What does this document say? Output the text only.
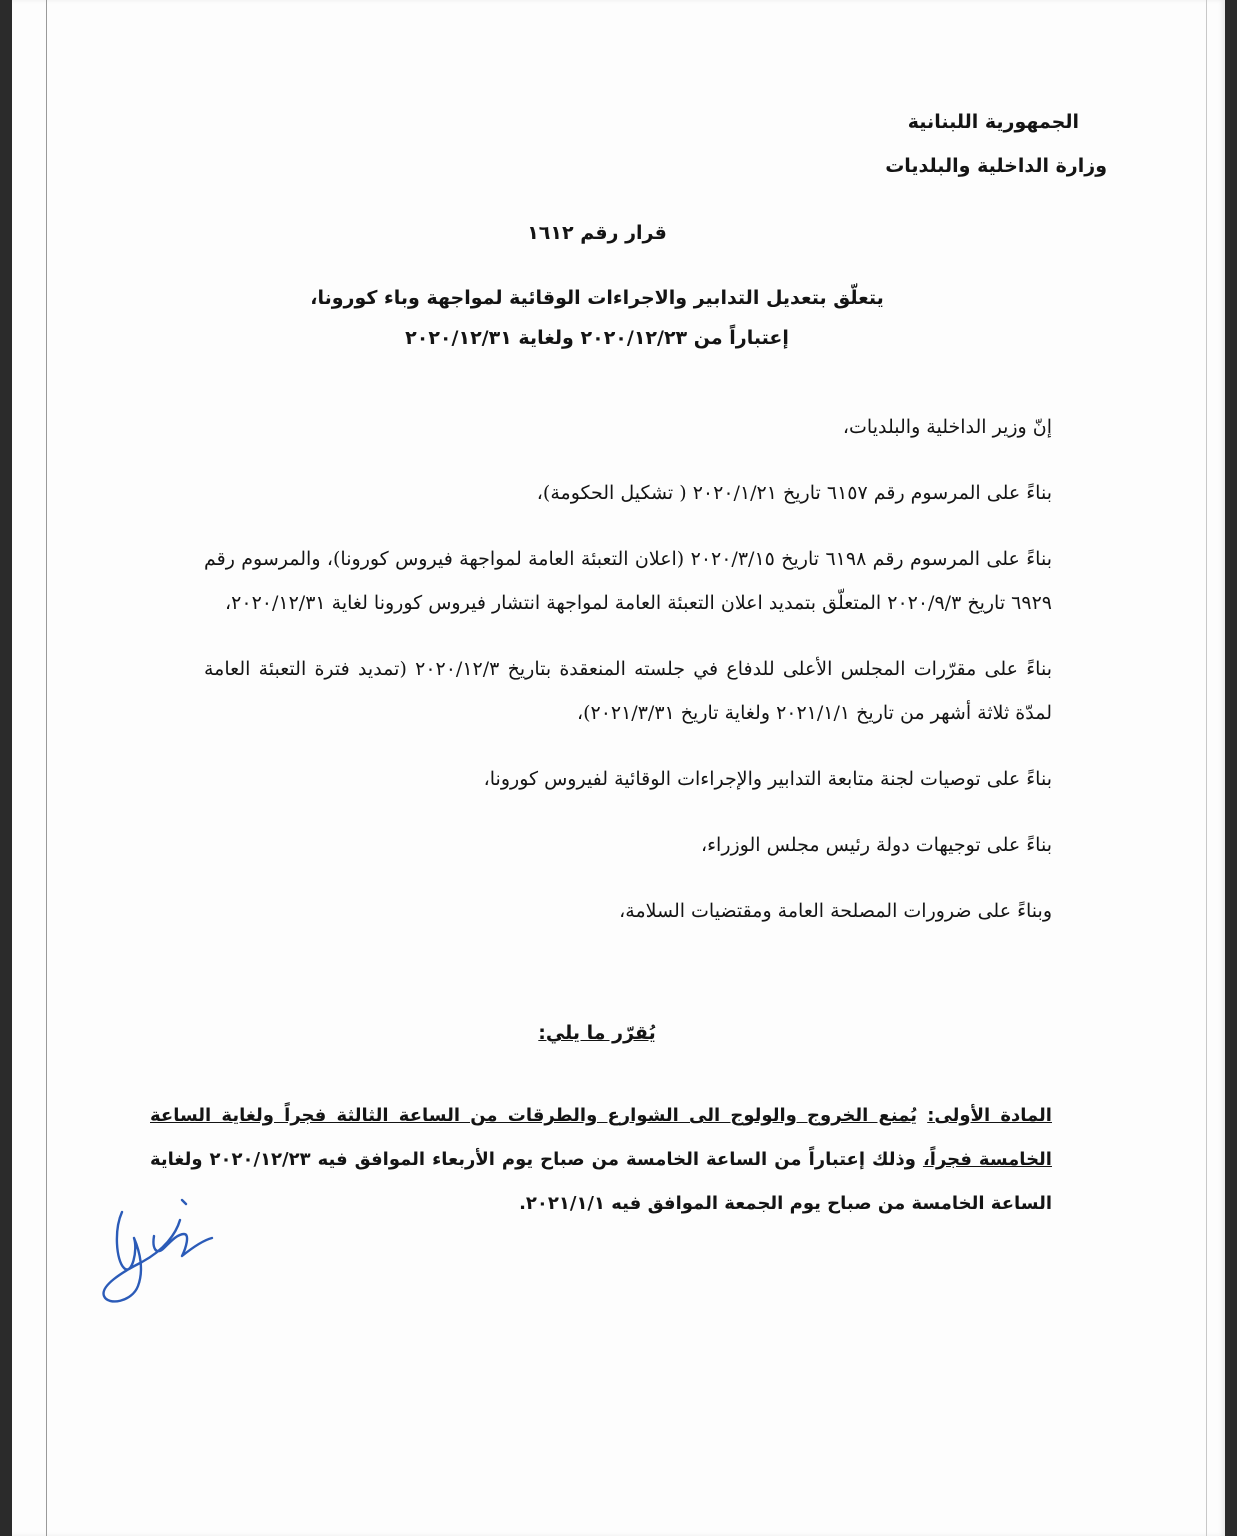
الجمهورية اللبنانية
وزارة الداخلية والبلديات
قرار رقم ١٦١٢
يتعلّق بتعديل التدابير والاجراءات الوقائية لمواجهة وباء كورونا،
إعتباراً من ٢٠٢٠/١٢/٢٣ ولغاية ٢٠٢٠/١٢/٣١

إنّ وزير الداخلية والبلديات،

بناءً على المرسوم رقم ٦١٥٧ تاريخ ٢٠٢٠/١/٢١ ( تشكيل الحكومة)،

بناءً على المرسوم رقم ٦١٩٨ تاريخ ٢٠٢٠/٣/١٥ (اعلان التعبئة العامة لمواجهة فيروس كورونا)، والمرسوم رقم ٦٩٢٩ تاريخ ٢٠٢٠/٩/٣ المتعلّق بتمديد اعلان التعبئة العامة لمواجهة انتشار فيروس كورونا لغاية ٢٠٢٠/١٢/٣١،

بناءً على مقرّرات المجلس الأعلى للدفاع في جلسته المنعقدة بتاريخ ٢٠٢٠/١٢/٣ (تمديد فترة التعبئة العامة لمدّة ثلاثة أشهر من تاريخ ٢٠٢١/١/١ ولغاية تاريخ ٢٠٢١/٣/٣١)،

بناءً على توصيات لجنة متابعة التدابير والإجراءات الوقائية لفيروس كورونا،

بناءً على توجيهات دولة رئيس مجلس الوزراء،

وبناءً على ضرورات المصلحة العامة ومقتضيات السلامة،

يُقرّر ما يلي:
المادة الأولى: يُمنع الخروج والولوج الى الشوارع والطرقات من الساعة الثالثة فجراً ولغاية الساعة الخامسة فجراً، وذلك إعتباراً من الساعة الخامسة من صباح يوم الأربعاء الموافق فيه ٢٠٢٠/١٢/٢٣ ولغاية الساعة الخامسة من صباح يوم الجمعة الموافق فيه ٢٠٢١/١/١.
